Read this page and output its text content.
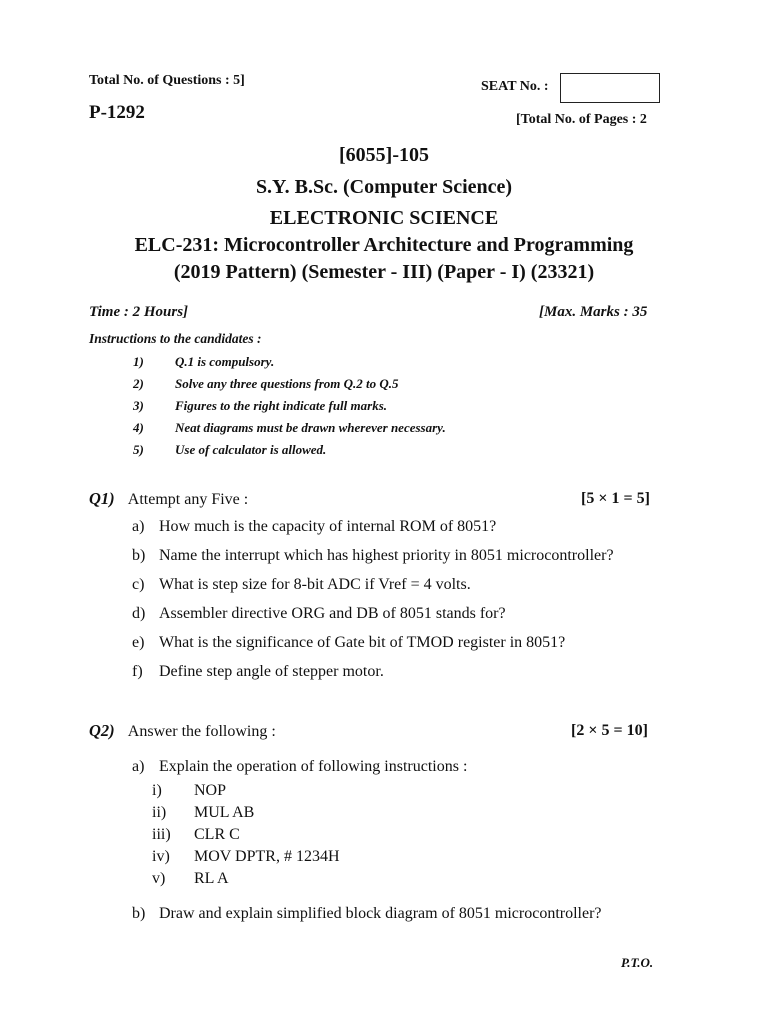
Total No. of Questions : 5]	SEAT No. :
P-1292	[Total No. of Pages : 2
[6055]-105
S.Y. B.Sc. (Computer Science)
ELECTRONIC SCIENCE
ELC-231: Microcontroller Architecture and Programming
(2019 Pattern) (Semester - III) (Paper - I) (23321)
Time : 2 Hours]	[Max. Marks : 35
Instructions to the candidates :
1) Q.1 is compulsory.
2) Solve any three questions from Q.2 to Q.5
3) Figures to the right indicate full marks.
4) Neat diagrams must be drawn wherever necessary.
5) Use of calculator is allowed.
Q1) Attempt any Five :	[5 × 1 = 5]
a) How much is the capacity of internal ROM of 8051?
b) Name the interrupt which has highest priority in 8051 microcontroller?
c) What is step size for 8-bit ADC if Vref = 4 volts.
d) Assembler directive ORG and DB of 8051 stands for?
e) What is the significance of Gate bit of TMOD register in 8051?
f) Define step angle of stepper motor.
Q2) Answer the following :	[2 × 5 = 10]
a) Explain the operation of following instructions :
i) NOP
ii) MUL AB
iii) CLR C
iv) MOV DPTR, # 1234H
v) RL A
b) Draw and explain simplified block diagram of 8051 microcontroller?
P.T.O.
